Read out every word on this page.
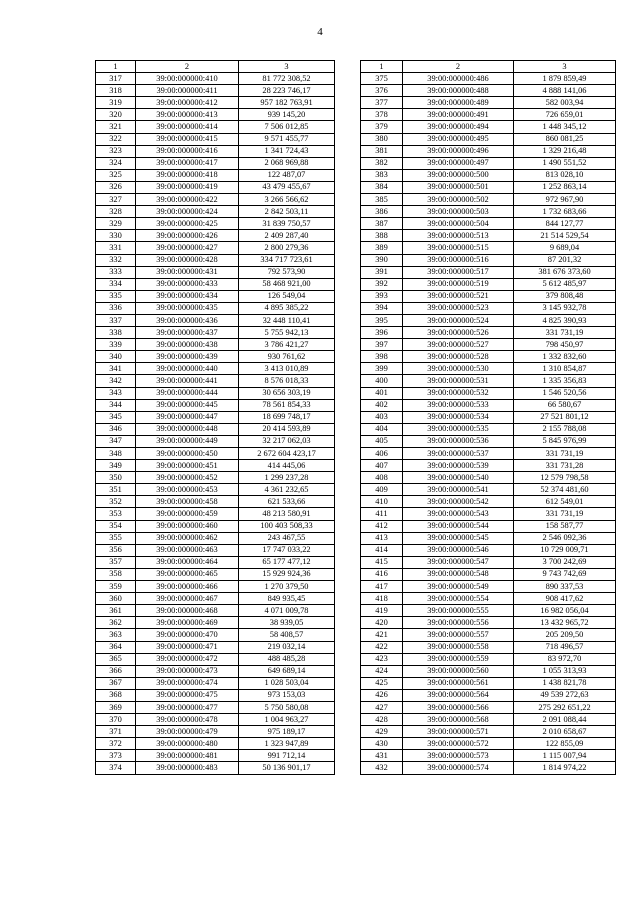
4
1	2	3
317	39:00:000000:410	81 772 308,52
318	39:00:000000:411	28 223 746,17
319	39:00:000000:412	957 182 763,91
320	39:00:000000:413	939 145,20
321	39:00:000000:414	7 506 012,85
322	39:00:000000:415	9 571 455,77
323	39:00:000000:416	1 341 724,43
324	39:00:000000:417	2 068 969,88
325	39:00:000000:418	122 487,07
326	39:00:000000:419	43 479 455,67
327	39:00:000000:422	3 266 566,62
328	39:00:000000:424	2 842 503,11
329	39:00:000000:425	31 839 750,57
330	39:00:000000:426	2 409 287,40
331	39:00:000000:427	2 800 279,36
332	39:00:000000:428	334 717 723,61
333	39:00:000000:431	792 573,90
334	39:00:000000:433	58 468 921,00
335	39:00:000000:434	126 549,04
336	39:00:000000:435	4 895 385,22
337	39:00:000000:436	32 448 110,41
338	39:00:000000:437	5 755 942,13
339	39:00:000000:438	3 786 421,27
340	39:00:000000:439	930 761,62
341	39:00:000000:440	3 413 010,89
342	39:00:000000:441	8 576 018,33
343	39:00:000000:444	30 656 303,19
344	39:00:000000:445	78 561 854,33
345	39:00:000000:447	18 699 748,17
346	39:00:000000:448	20 414 593,89
347	39:00:000000:449	32 217 062,03
348	39:00:000000:450	2 672 604 423,17
349	39:00:000000:451	414 445,06
350	39:00:000000:452	1 299 237,28
351	39:00:000000:453	4 361 232,65
352	39:00:000000:458	621 533,66
353	39:00:000000:459	48 213 580,91
354	39:00:000000:460	100 403 508,33
355	39:00:000000:462	243 467,55
356	39:00:000000:463	17 747 033,22
357	39:00:000000:464	65 177 477,12
358	39:00:000000:465	15 929 924,36
359	39:00:000000:466	1 270 379,50
360	39:00:000000:467	849 935,45
361	39:00:000000:468	4 071 009,78
362	39:00:000000:469	38 939,05
363	39:00:000000:470	58 408,57
364	39:00:000000:471	219 032,14
365	39:00:000000:472	488 485,28
366	39:00:000000:473	649 689,14
367	39:00:000000:474	1 028 503,04
368	39:00:000000:475	973 153,03
369	39:00:000000:477	5 750 580,08
370	39:00:000000:478	1 004 963,27
371	39:00:000000:479	975 189,17
372	39:00:000000:480	1 323 947,89
373	39:00:000000:481	991 712,14
374	39:00:000000:483	50 136 901,17
1	2	3
375	39:00:000000:486	1 879 859,49
376	39:00:000000:488	4 888 141,06
377	39:00:000000:489	582 003,94
378	39:00:000000:491	726 659,01
379	39:00:000000:494	1 448 345,12
380	39:00:000000:495	860 081,25
381	39:00:000000:496	1 329 216,48
382	39:00:000000:497	1 490 551,52
383	39:00:000000:500	813 028,10
384	39:00:000000:501	1 252 863,14
385	39:00:000000:502	972 967,90
386	39:00:000000:503	1 732 683,66
387	39:00:000000:504	844 127,77
388	39:00:000000:513	21 514 529,54
389	39:00:000000:515	9 689,04
390	39:00:000000:516	87 201,32
391	39:00:000000:517	381 676 373,60
392	39:00:000000:519	5 612 485,97
393	39:00:000000:521	379 808,48
394	39:00:000000:523	3 145 932,78
395	39:00:000000:524	4 825 390,93
396	39:00:000000:526	331 731,19
397	39:00:000000:527	798 450,97
398	39:00:000000:528	1 332 832,60
399	39:00:000000:530	1 310 854,87
400	39:00:000000:531	1 335 356,83
401	39:00:000000:532	1 546 520,56
402	39:00:000000:533	66 580,67
403	39:00:000000:534	27 521 801,12
404	39:00:000000:535	2 155 788,08
405	39:00:000000:536	5 845 976,99
406	39:00:000000:537	331 731,19
407	39:00:000000:539	331 731,28
408	39:00:000000:540	12 579 798,58
409	39:00:000000:541	52 374 481,60
410	39:00:000000:542	612 549,01
411	39:00:000000:543	331 731,19
412	39:00:000000:544	158 587,77
413	39:00:000000:545	2 546 092,36
414	39:00:000000:546	10 729 009,71
415	39:00:000000:547	3 700 242,69
416	39:00:000000:548	9 743 742,69
417	39:00:000000:549	890 337,53
418	39:00:000000:554	908 417,62
419	39:00:000000:555	16 982 056,04
420	39:00:000000:556	13 432 965,72
421	39:00:000000:557	205 209,50
422	39:00:000000:558	718 496,57
423	39:00:000000:559	83 972,70
424	39:00:000000:560	1 055 313,93
425	39:00:000000:561	1 438 821,78
426	39:00:000000:564	49 539 272,63
427	39:00:000000:566	275 292 651,22
428	39:00:000000:568	2 091 088,44
429	39:00:000000:571	2 010 658,67
430	39:00:000000:572	122 855,09
431	39:00:000000:573	1 115 007,94
432	39:00:000000:574	1 814 974,22
